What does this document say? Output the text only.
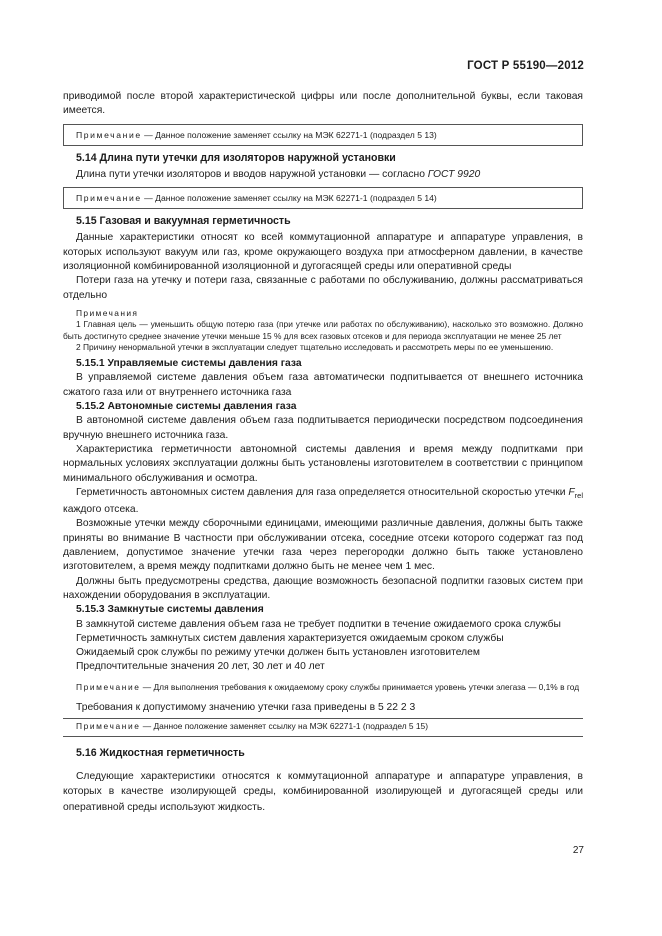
ГОСТ Р 55190—2012

приводимой после второй характеристической цифры или после дополнительной буквы, если таковая имеется.

Примечание — Данное положение заменяет ссылку на МЭК 62271-1 (подраздел 5 13)
5.14 Длина пути утечки для изоляторов наружной установки

Длина пути утечки изоляторов и вводов наружной установки — согласно ГОСТ 9920

Примечание — Данное положение заменяет ссылку на МЭК 62271-1 (подраздел 5 14)
5.15 Газовая и вакуумная герметичность

Данные характеристики относят ко всей коммутационной аппаратуре и аппаратуре управления, в которых используют вакуум или газ, кроме окружающего воздуха при атмосферном давлении, в качестве изоляционной комбинированной изоляционной и дугогасящей среды или оперативной среды

Потери газа на утечку и потери газа, связанные с работами по обслуживанию, должны рассматриваться отдельно

Примечания

1 Главная цель — уменьшить общую потерю газа (при утечке или работах по обслуживанию), насколько это возможно. Должно быть достигнуто среднее значение утечки меньше 15 % для всех газовых отсеков и для периода эксплуатации не менее 25 лет

2 Причину ненормальной утечки в эксплуатации следует тщательно исследовать и рассмотреть меры по ее уменьшению.

5.15.1 Управляемые системы давления газа

В управляемой системе давления объем газа автоматически подпитывается от внешнего источника сжатого газа или от внутреннего источника газа

5.15.2 Автономные системы давления газа

В автономной системе давления объем газа подпитывается периодически посредством подсоединения вручную внешнего источника газа.

Характеристика герметичности автономной системы давления и время между подпитками при нормальных условиях эксплуатации должны быть установлены изготовителем в соответствии с принципом минимального обслуживания и осмотра.

Герметичность автономных систем давления для газа определяется относительной скоростью утечки $F_{rel}$ каждого отсека.

Возможные утечки между сборочными единицами, имеющими различные давления, должны быть также приняты во внимание В частности при обслуживании отсека, соседние отсеки которого содержат газ под давлением, допустимое значение утечки газа через перегородки должно быть также установлено изготовителем, а время между подпитками должно быть не менее чем 1 мес.

Должны быть предусмотрены средства, дающие возможность безопасной подпитки газовых систем при нахождении оборудования в эксплуатации.

5.15.3 Замкнутые системы давления

В замкнутой системе давления объем газа не требует подпитки в течение ожидаемого срока службы

Герметичность замкнутых систем давления характеризуется ожидаемым сроком службы

Ожидаемый срок службы по режиму утечки должен быть установлен изготовителем

Предпочтительные значения 20 лет, 30 лет и 40 лет

Примечание — Для выполнения требования к ожидаемому сроку службы принимается уровень утечки элегаза — 0,1% в год

Требования к допустимому значению утечки газа приведены в 5 22 2 3

Примечание — Данное положение заменяет ссылку на МЭК 62271-1 (подраздел 5 15)

5.16 Жидкостная герметичность

Следующие характеристики относятся к коммутационной аппаратуре и аппаратуре управления, в которых в качестве изолирующей среды, комбинированной изолирующей и дугогасящей среды или оперативной среды используют жидкость.

27
